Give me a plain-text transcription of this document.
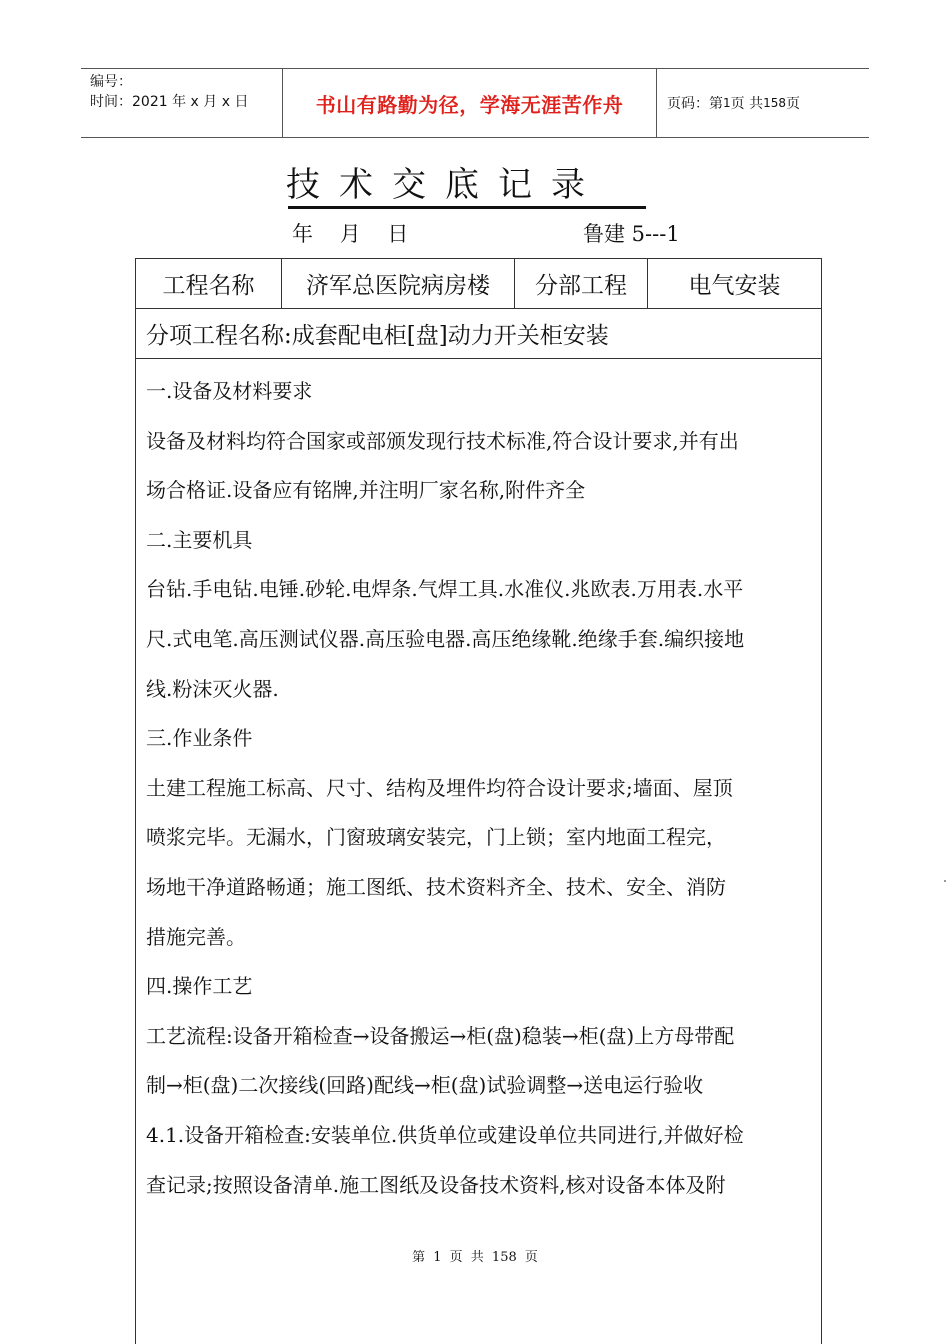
编号：
时间：2021 年 x 月 x 日	书山有路勤为径，学海无涯苦作舟	页码：第 1 页 共 158 页
技术交底记录
年    月    日	鲁建 5---1
工程名称	济军总医院病房楼	分部工程	电气安装
分项工程名称:成套配电柜[盘]动力开关柜安装

一.设备及材料要求

设备及材料均符合国家或部颁发现行技术标准,符合设计要求,并有出

场合格证.设备应有铭牌,并注明厂家名称,附件齐全

二.主要机具

台钻.手电钻.电锤.砂轮.电焊条.气焊工具.水准仪.兆欧表.万用表.水平

尺.式电笔.高压测试仪器.高压验电器.高压绝缘靴.绝缘手套.编织接地

线.粉沫灭火器.

三.作业条件

土建工程施工标高、尺寸、结构及埋件均符合设计要求;墙面、屋顶

喷浆完毕。无漏水，门窗玻璃安装完，门上锁；室内地面工程完，

场地干净道路畅通；施工图纸、技术资料齐全、技术、安全、消防

措施完善。

四.操作工艺

工艺流程:设备开箱检查→设备搬运→柜(盘)稳装→柜(盘)上方母带配

制→柜(盘)二次接线(回路)配线→柜(盘)试验调整→送电运行验收

4.1.设备开箱检查:安装单位.供货单位或建设单位共同进行,并做好检

查记录;按照设备清单.施工图纸及设备技术资料,核对设备本体及附

第 1 页 共 158 页
